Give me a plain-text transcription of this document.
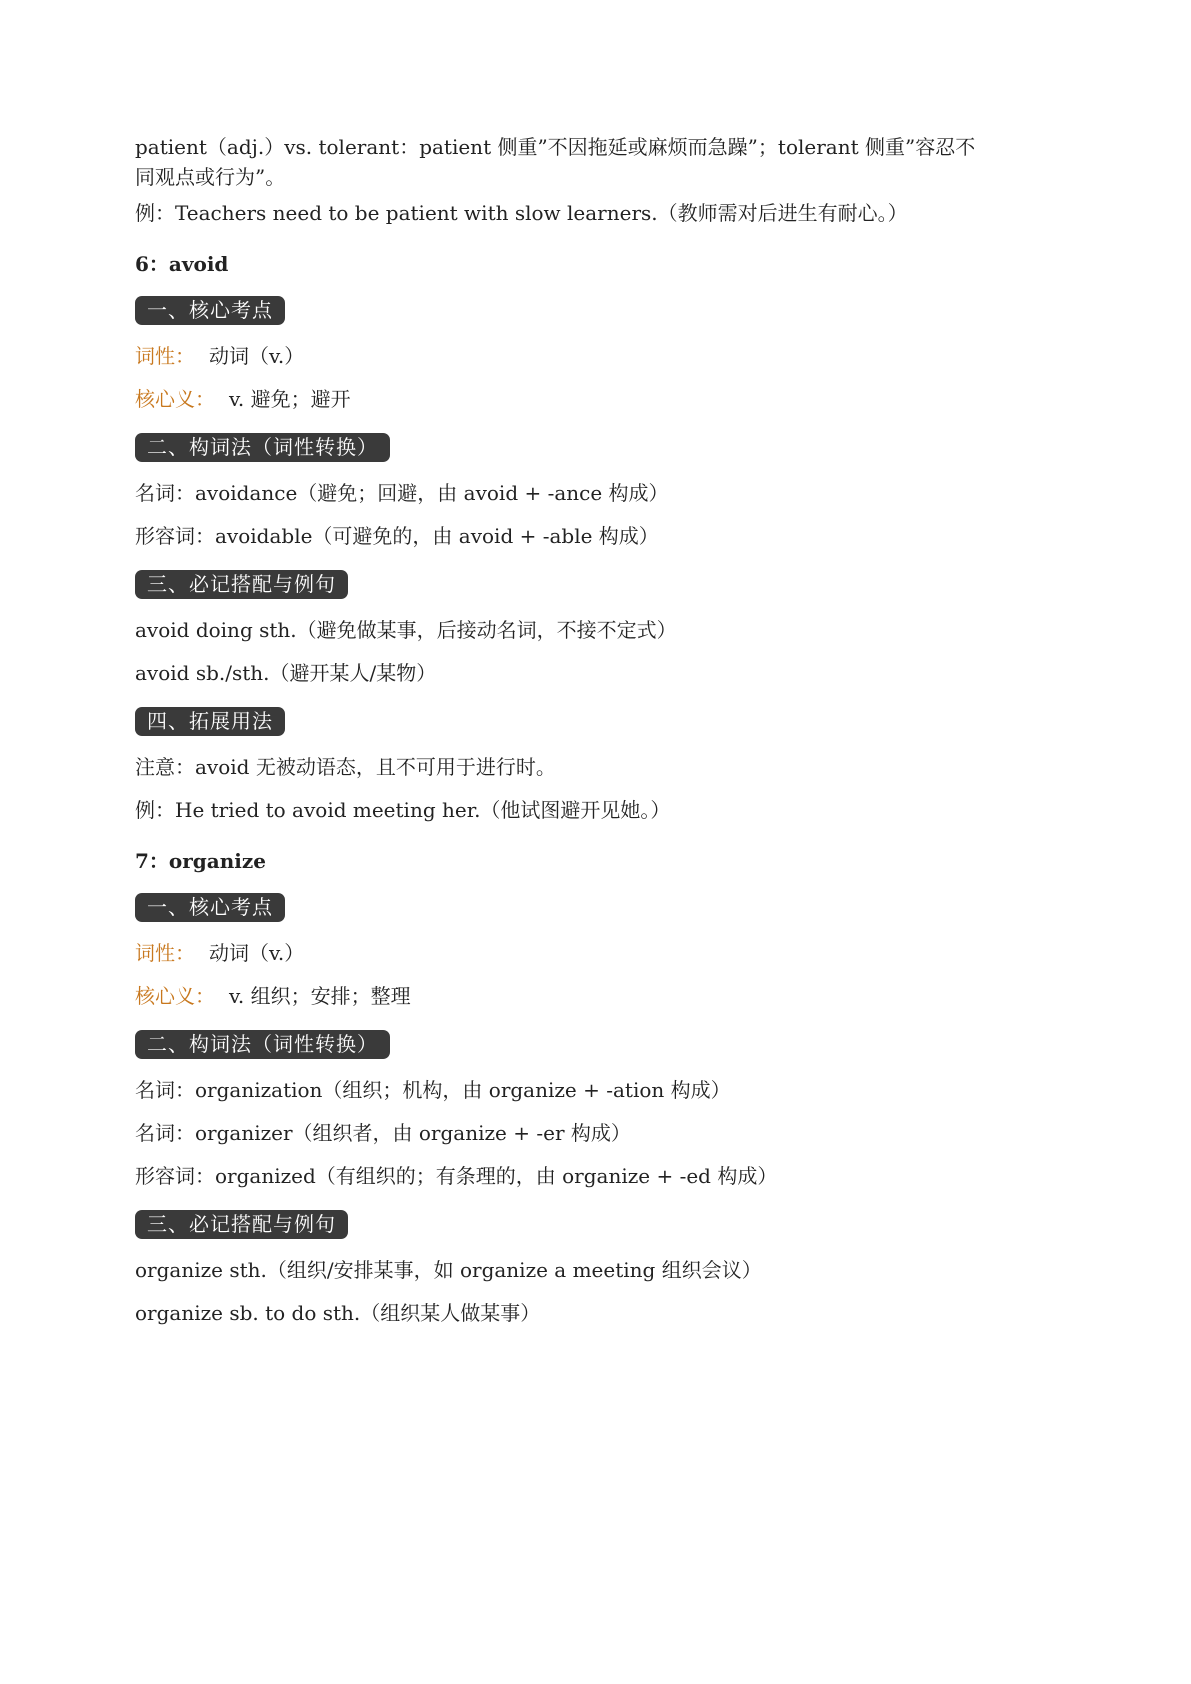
patient（adj.）vs. tolerant：patient 侧重”不因拖延或麻烦而急躁”；tolerant 侧重”容忍不同观点或行为”。

例：Teachers need to be patient with slow learners.（教师需对后进生有耐心。）

6：avoid
一、核心考点

词性： 动词（v.）

核心义： v. 避免；避开

二、构词法（词性转换）

名词：avoidance（避免；回避，由 avoid + -ance 构成）

形容词：avoidable（可避免的，由 avoid + -able 构成）

三、必记搭配与例句

avoid doing sth.（避免做某事，后接动名词，不接不定式）

avoid sb./sth.（避开某人/某物）

四、拓展用法

注意：avoid 无被动语态，且不可用于进行时。

例：He tried to avoid meeting her.（他试图避开见她。）

7：organize
一、核心考点

词性： 动词（v.）

核心义： v. 组织；安排；整理

二、构词法（词性转换）

名词：organization（组织；机构，由 organize + -ation 构成）

名词：organizer（组织者，由 organize + -er 构成）

形容词：organized（有组织的；有条理的，由 organize + -ed 构成）

三、必记搭配与例句

organize sth.（组织/安排某事，如 organize a meeting 组织会议）

organize sb. to do sth.（组织某人做某事）
